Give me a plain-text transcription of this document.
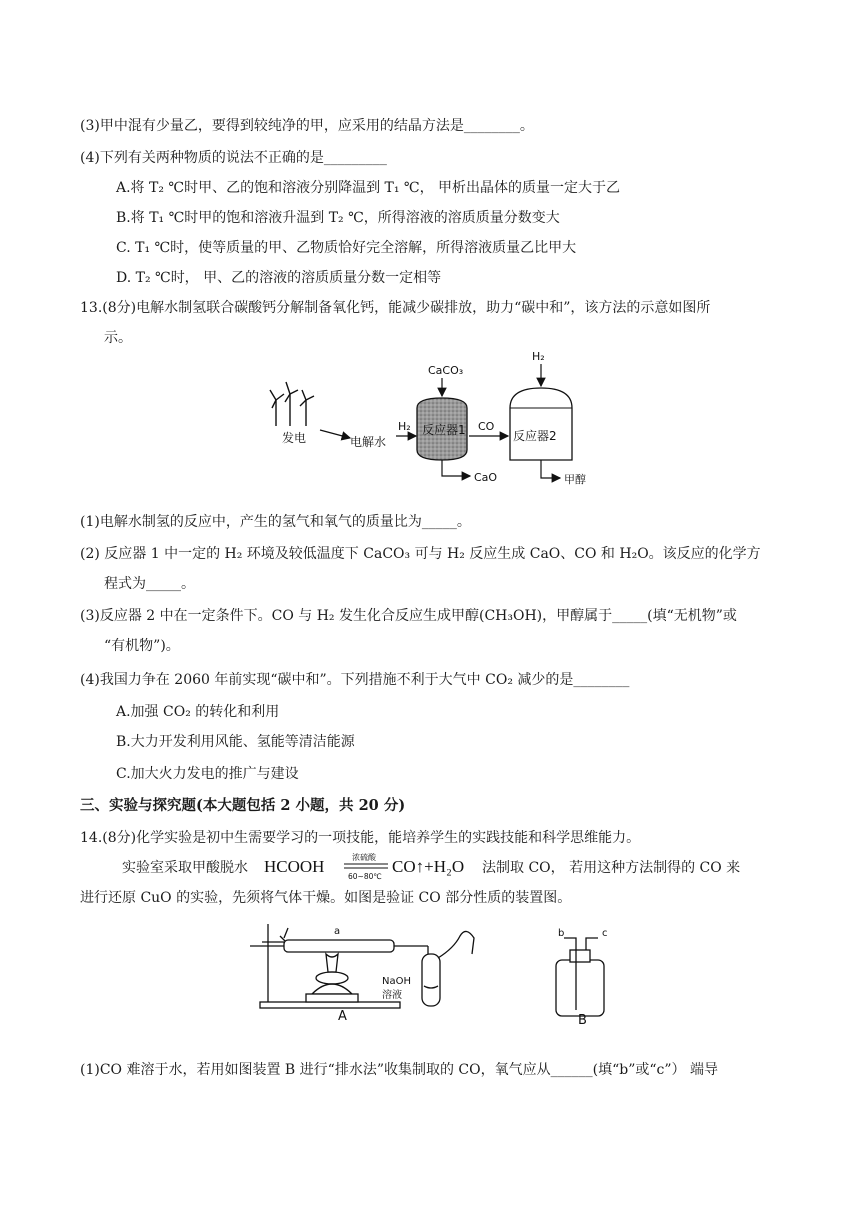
(3)甲中混有少量乙，要得到较纯净的甲，应采用的结晶方法是________。
(4)下列有关两种物质的说法不正确的是_________
A.将 T₂ ℃时甲、乙的饱和溶液分别降温到 T₁ ℃， 甲析出晶体的质量一定大于乙
B.将 T₁ ℃时甲的饱和溶液升温到 T₂ ℃，所得溶液的溶质质量分数变大
C. T₁ ℃时，使等质量的甲、乙物质恰好完全溶解，所得溶液质量乙比甲大
D. T₂ ℃时， 甲、乙的溶液的溶质质量分数一定相等
13.(8分)电解水制氢联合碳酸钙分解制备氧化钙，能减少碳排放，助力“碳中和”，该方法的示意如图所
示。
发电	电解水
H₂
CaCO₃
反应器1
CaO
CO
H₂
反应器2
甲醇
(1)电解水制氢的反应中，产生的氢气和氧气的质量比为_____。
(2) 反应器 1 中一定的 H₂ 环境及较低温度下 CaCO₃ 可与 H₂ 反应生成 CaO、CO 和 H₂O。该反应的化学方
程式为_____。
(3)反应器 2 中在一定条件下。CO 与 H₂ 发生化合反应生成甲醇(CH₃OH)，甲醇属于_____(填“无机物”或
“有机物”)。
(4)我国力争在 2060 年前实现“碳中和”。下列措施不利于大气中 CO₂ 减少的是________
A.加强 CO₂ 的转化和利用
B.大力开发利用风能、氢能等清洁能源
C.加大火力发电的推广与建设
三、实验与探究题(本大题包括 2 小题，共 20 分)
14.(8分)化学实验是初中生需要学习的一项技能，能培养学生的实践技能和科学思维能力。
实验室采取甲酸脱水 HCOOH	浓硫酸
60~80℃
CO↑+H₂O 法制取 CO， 若用这种方法制得的 CO 来
进行还原 CuO 的实验，先须将气体干燥。如图是验证 CO 部分性质的装置图。
a
NaOH
溶液
A
b	c
B
(1)CO 难溶于水，若用如图装置 B 进行“排水法”收集制取的 CO，氧气应从______(填“b”或“c”） 端导
